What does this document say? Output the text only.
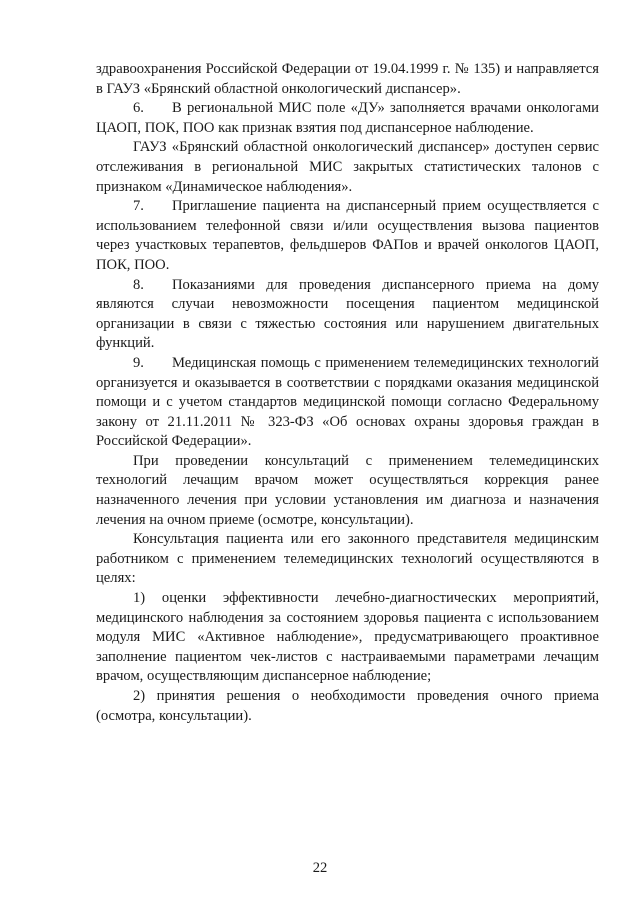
здравоохранения Российской Федерации от 19.04.1999 г. № 135) и направляется в ГАУЗ «Брянский областной онкологический диспансер».

6. В региональной МИС поле «ДУ» заполняется врачами онкологами ЦАОП, ПОК, ПОО как признак взятия под диспансерное наблюдение.

ГАУЗ «Брянский областной онкологический диспансер» доступен сервис отслеживания в региональной МИС закрытых статистических талонов с признаком «Динамическое наблюдения».

7. Приглашение пациента на диспансерный прием осуществляется с использованием телефонной связи и/или осуществления вызова пациентов через участковых терапевтов, фельдшеров ФАПов и врачей онкологов ЦАОП, ПОК, ПОО.

8. Показаниями для проведения диспансерного приема на дому являются случаи невозможности посещения пациентом медицинской организации в связи с тяжестью состояния или нарушением двигательных функций.

9. Медицинская помощь с применением телемедицинских технологий организуется и оказывается в соответствии с порядками оказания медицинской помощи и с учетом стандартов медицинской помощи согласно Федеральному закону от 21.11.2011 № 323-ФЗ «Об основах охраны здоровья граждан в Российской Федерации».

При проведении консультаций с применением телемедицинских технологий лечащим врачом может осуществляться коррекция ранее назначенного лечения при условии установления им диагноза и назначения лечения на очном приеме (осмотре, консультации).

Консультация пациента или его законного представителя медицинским работником с применением телемедицинских технологий осуществляются в целях:

1) оценки эффективности лечебно-диагностических мероприятий, медицинского наблюдения за состоянием здоровья пациента с использованием модуля МИС «Активное наблюдение», предусматривающего проактивное заполнение пациентом чек-листов с настраиваемыми параметрами лечащим врачом, осуществляющим диспансерное наблюдение;

2) принятия решения о необходимости проведения очного приема (осмотра, консультации).

22
